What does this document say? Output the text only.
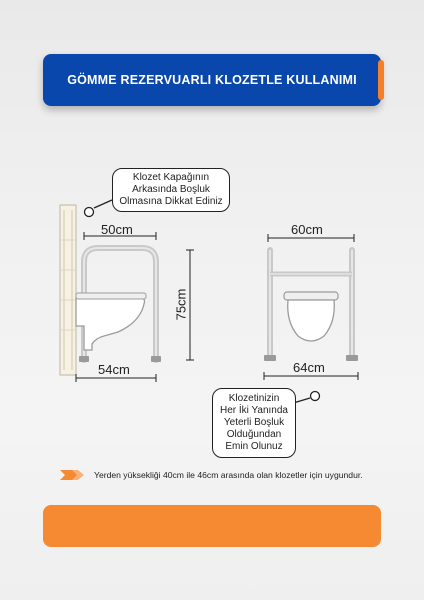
GÖMME REZERVUARLI KLOZETLE KULLANIMI
Klozet Kapağının
Arkasında Boşluk
Olmasına Dikkat Ediniz
50cm
75cm
54cm
60cm
64cm
Klozetinizin
Her İki Yanında
Yeterli Boşluk
Olduğundan
Emin Olunuz
Yerden yüksekliği 40cm ile 46cm arasında olan klozetler için uygundur.
